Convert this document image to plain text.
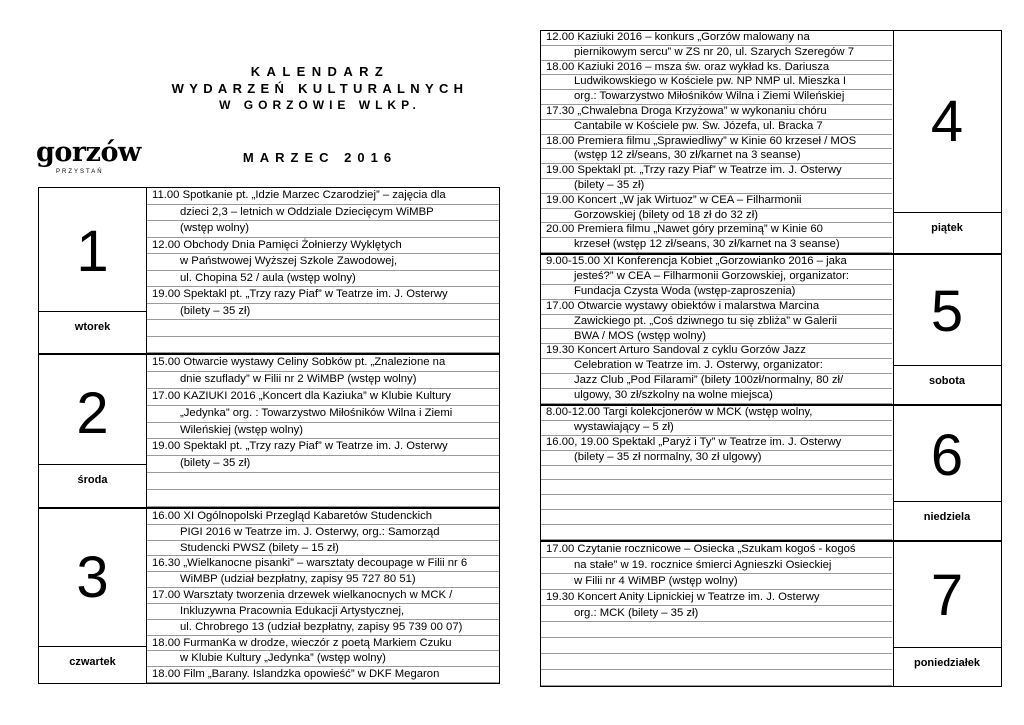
KALENDARZ
WYDARZEŃ KULTURALNYCH
W GORZOWIE WLKP.
MARZEC 2016
gorzów
PRZYSTAŃ
1
wtorek
11.00 Spotkanie pt. „Idzie Marzec Czarodziej” – zajęcia dla
dzieci 2,3 – letnich w Oddziale Dziecięcym WiMBP
(wstęp wolny)
12.00 Obchody Dnia Pamięci Żołnierzy Wyklętych
w Państwowej Wyższej Szkole Zawodowej,
ul. Chopina 52 / aula (wstęp wolny)
19.00 Spektakl pt. „Trzy razy Piaf” w Teatrze im. J. Osterwy
(bilety – 35 zł)
2
środa
15.00 Otwarcie wystawy Celiny Sobków pt. „Znalezione na
dnie szuflady” w Filii nr 2 WiMBP (wstęp wolny)
17.00 KAZIUKI 2016 „Koncert dla Kaziuka” w Klubie Kultury
„Jedynka” org. : Towarzystwo Miłośników Wilna i Ziemi
Wileńskiej (wstęp wolny)
19.00 Spektakl pt. „Trzy razy Piaf” w Teatrze im. J. Osterwy
(bilety – 35 zł)
3
czwartek
16.00 XI Ogólnopolski Przegląd Kabaretów Studenckich
PIGI 2016 w Teatrze im. J. Osterwy, org.: Samorząd
Studencki PWSZ (bilety – 15 zł)
16.30 „Wielkanocne pisanki” – warsztaty decoupage w Filii nr 6
WiMBP (udział bezpłatny, zapisy 95 727 80 51)
17.00 Warsztaty tworzenia drzewek wielkanocnych w MCK /
Inkluzywna Pracownia Edukacji Artystycznej,
ul. Chrobrego 13 (udział bezpłatny, zapisy 95 739 00 07)
18.00 FurmanKa w drodze, wieczór z poetą Markiem Czuku
w Klubie Kultury „Jedynka” (wstęp wolny)
18.00 Film „Barany. Islandzka opowieść” w DKF Megaron
4
piątek
12.00 Kaziuki 2016 – konkurs „Gorzów malowany na
piernikowym sercu” w ZS nr 20, ul. Szarych Szeregów 7
18.00 Kaziuki 2016 – msza św. oraz wykład ks. Dariusza
Ludwikowskiego w Kościele pw. NP NMP ul. Mieszka I
org.: Towarzystwo Miłośników Wilna i Ziemi Wileńskiej
17.30 „Chwalebna Droga Krzyżowa” w wykonaniu chóru
Cantabile w Kościele pw. Św. Józefa, ul. Bracka 7
18.00 Premiera filmu „Sprawiedliwy” w Kinie 60 krzeseł / MOS
(wstęp 12 zł/seans, 30 zł/karnet na 3 seanse)
19.00 Spektakl pt. „Trzy razy Piaf” w Teatrze im. J. Osterwy
(bilety – 35 zł)
19.00 Koncert „W jak Wirtuoz” w CEA – Filharmonii
Gorzowskiej (bilety od 18 zł do 32 zł)
20.00 Premiera filmu „Nawet góry przeminą” w Kinie 60
krzeseł (wstęp 12 zł/seans, 30 zł/karnet na 3 seanse)
5
sobota
9.00-15.00 XI Konferencja Kobiet „Gorzowianko 2016 – jaka
jesteś?” w CEA – Filharmonii Gorzowskiej, organizator:
Fundacja Czysta Woda (wstęp-zaproszenia)
17.00 Otwarcie wystawy obiektów i malarstwa Marcina
Zawickiego pt. „Coś dziwnego tu się zbliża” w Galerii
BWA / MOS (wstęp wolny)
19.30 Koncert Arturo Sandoval z cyklu Gorzów Jazz
Celebration w Teatrze im. J. Osterwy, organizator:
Jazz Club „Pod Filarami” (bilety 100zł/normalny, 80 zł/
ulgowy, 30 zł/szkolny na wolne miejsca)
6
niedziela
8.00-12.00 Targi kolekcjonerów w MCK (wstęp wolny,
wystawiający – 5 zł)
16.00, 19.00 Spektakl „Paryż i Ty” w Teatrze im. J. Osterwy
(bilety – 35 zł normalny, 30 zł ulgowy)
7
poniedziałek
17.00 Czytanie rocznicowe – Osiecka „Szukam kogoś - kogoś
na stałe” w 19. rocznice śmierci Agnieszki Osieckiej
w Filii nr 4 WiMBP (wstęp wolny)
19.30 Koncert Anity Lipnickiej w Teatrze im. J. Osterwy
org.: MCK (bilety – 35 zł)
